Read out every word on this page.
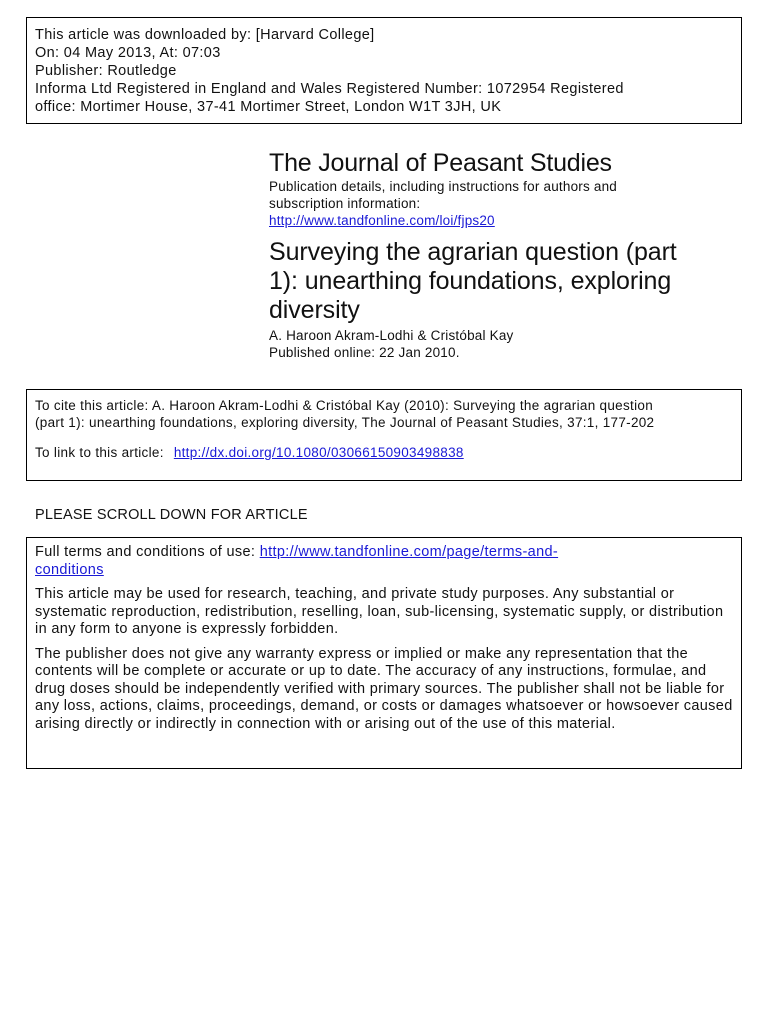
This article was downloaded by: [Harvard College]
On: 04 May 2013, At: 07:03
Publisher: Routledge
Informa Ltd Registered in England and Wales Registered Number: 1072954 Registered
office: Mortimer House, 37-41 Mortimer Street, London W1T 3JH, UK
The Journal of Peasant Studies
Publication details, including instructions for authors and
subscription information:
http://www.tandfonline.com/loi/fjps20
Surveying the agrarian question (part
1): unearthing foundations, exploring
diversity
A. Haroon Akram-Lodhi & Cristóbal Kay
Published online: 22 Jan 2010.
To cite this article: A. Haroon Akram-Lodhi & Cristóbal Kay (2010): Surveying the agrarian question
(part 1): unearthing foundations, exploring diversity, The Journal of Peasant Studies, 37:1, 177-202
To link to this article: http://dx.doi.org/10.1080/03066150903498838
PLEASE SCROLL DOWN FOR ARTICLE
Full terms and conditions of use: http://www.tandfonline.com/page/terms-and-
conditions
This article may be used for research, teaching, and private study purposes. Any substantial or systematic reproduction, redistribution, reselling, loan, sub-licensing, systematic supply, or distribution in any form to anyone is expressly forbidden.
The publisher does not give any warranty express or implied or make any representation that the contents will be complete or accurate or up to date. The accuracy of any instructions, formulae, and drug doses should be independently verified with primary sources. The publisher shall not be liable for any loss, actions, claims, proceedings, demand, or costs or damages whatsoever or howsoever caused arising directly or indirectly in connection with or arising out of the use of this material.
